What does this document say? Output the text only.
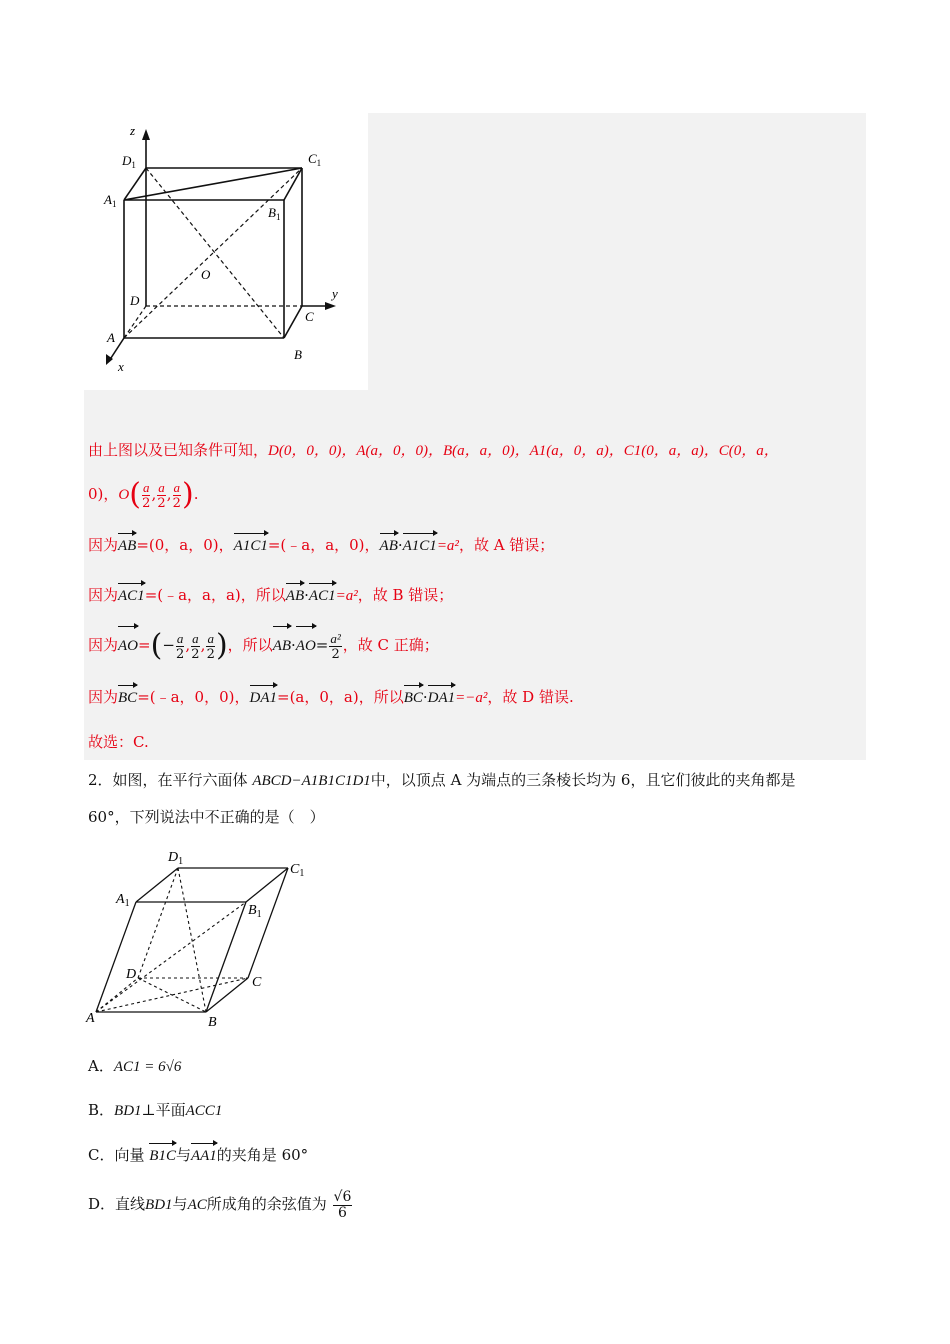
z
y
x
$D_1$	$C_1$
$A_1$
$B_1$
O
D
C
A
B
由上图以及已知条件可知，D(0，0，0)，A(a，0，0)，B(a，a，0)，A1(a，0，a)，C1(0，a，a)，C(0，a，
0)，$O( \frac{a}{2}$ , $\frac{a}{2}$ , $\frac{a}{2}$ ).
因为AB=(0，a，0)，A1C1=(﹣a，a，0)，AB·A1C1=a²，故 A 错误；
因为AC1=(﹣a，a，a)，所以AB·AC1=a²，故 B 错误；
因为$AO=(- \frac{a}{2}$ , $\frac{a}{2}$ , $\frac{a}{2}$ )，所以$AB\cdot AO= \frac{\text{a²}}{2}$ ，故 C 正确；
因为BC=(﹣a，0，0)，DA1=(a，0，a)，所以BC·DA1=−a²，故 D 错误.
故选：C.
2．如图，在平行六面体 ABCD−A1B1C1D1中，以顶点 A 为端点的三条棱长均为 6，且它们彼此的夹角都是
60°，下列说法中不正确的是（　）
$D_1$
$C_1$
$A_1$	$B_1$
D
C
A	B
A．AC1 = 6√6
B．BD1⊥平面ACC1
C．向量 B1C与AA1的夹角是 60°
D．直线BD1与AC所成角的余弦值为 $\frac{√6}{6}$
